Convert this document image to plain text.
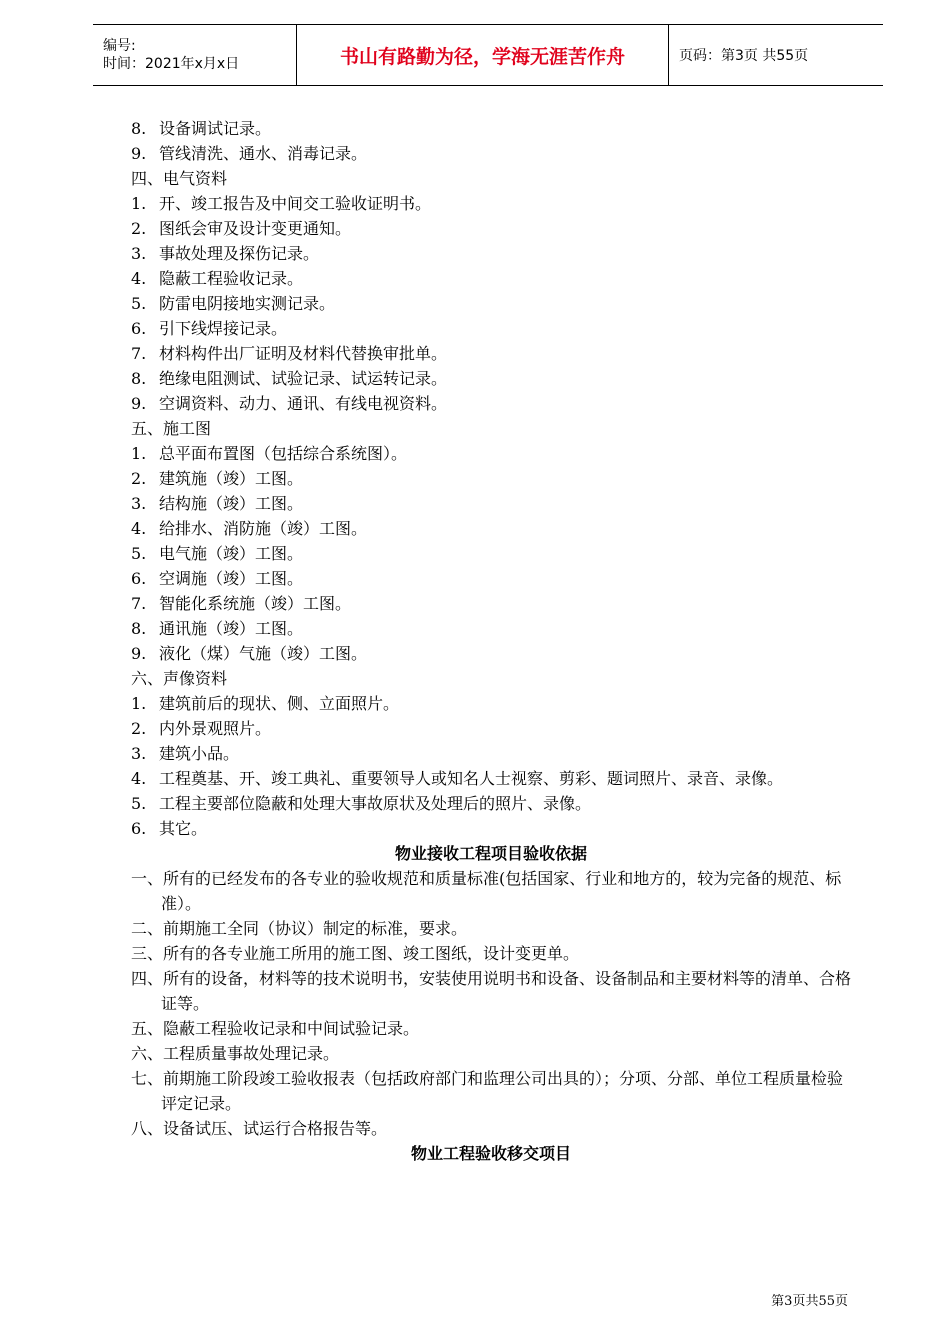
编号:
时间：2021年x月x日	书山有路勤为径，学海无涯苦作舟	页码：第3页 共55页
8. 设备调试记录。
9. 管线清洗、通水、消毒记录。
四、电气资料
1. 开、竣工报告及中间交工验收证明书。
2. 图纸会审及设计变更通知。
3. 事故处理及探伤记录。
4. 隐蔽工程验收记录。
5. 防雷电阴接地实测记录。
6. 引下线焊接记录。
7. 材料构件出厂证明及材料代替换审批单。
8. 绝缘电阻测试、试验记录、试运转记录。
9. 空调资料、动力、通讯、有线电视资料。
五、施工图
1. 总平面布置图（包括综合系统图）。
2. 建筑施（竣）工图。
3. 结构施（竣）工图。
4. 给排水、消防施（竣）工图。
5. 电气施（竣）工图。
6. 空调施（竣）工图。
7. 智能化系统施（竣）工图。
8. 通讯施（竣）工图。
9. 液化（煤）气施（竣）工图。
六、声像资料
1. 建筑前后的现状、侧、立面照片。
2. 内外景观照片。
3. 建筑小品。
4. 工程奠基、开、竣工典礼、重要领导人或知名人士视察、剪彩、题词照片、录音、录像。
5. 工程主要部位隐蔽和处理大事故原状及处理后的照片、录像。
6. 其它。
物业接收工程项目验收依据
一、所有的已经发布的各专业的验收规范和质量标准(包括国家、行业和地方的，较为完备的规范、标准）。
二、前期施工全同（协议）制定的标准，要求。
三、所有的各专业施工所用的施工图、竣工图纸，设计变更单。
四、所有的设备，材料等的技术说明书，安装使用说明书和设备、设备制品和主要材料等的清单、合格证等。
五、隐蔽工程验收记录和中间试验记录。
六、工程质量事故处理记录。
七、前期施工阶段竣工验收报表（包括政府部门和监理公司出具的）；分项、分部、单位工程质量检验评定记录。
八、设备试压、试运行合格报告等。
物业工程验收移交项目
第3页共55页
